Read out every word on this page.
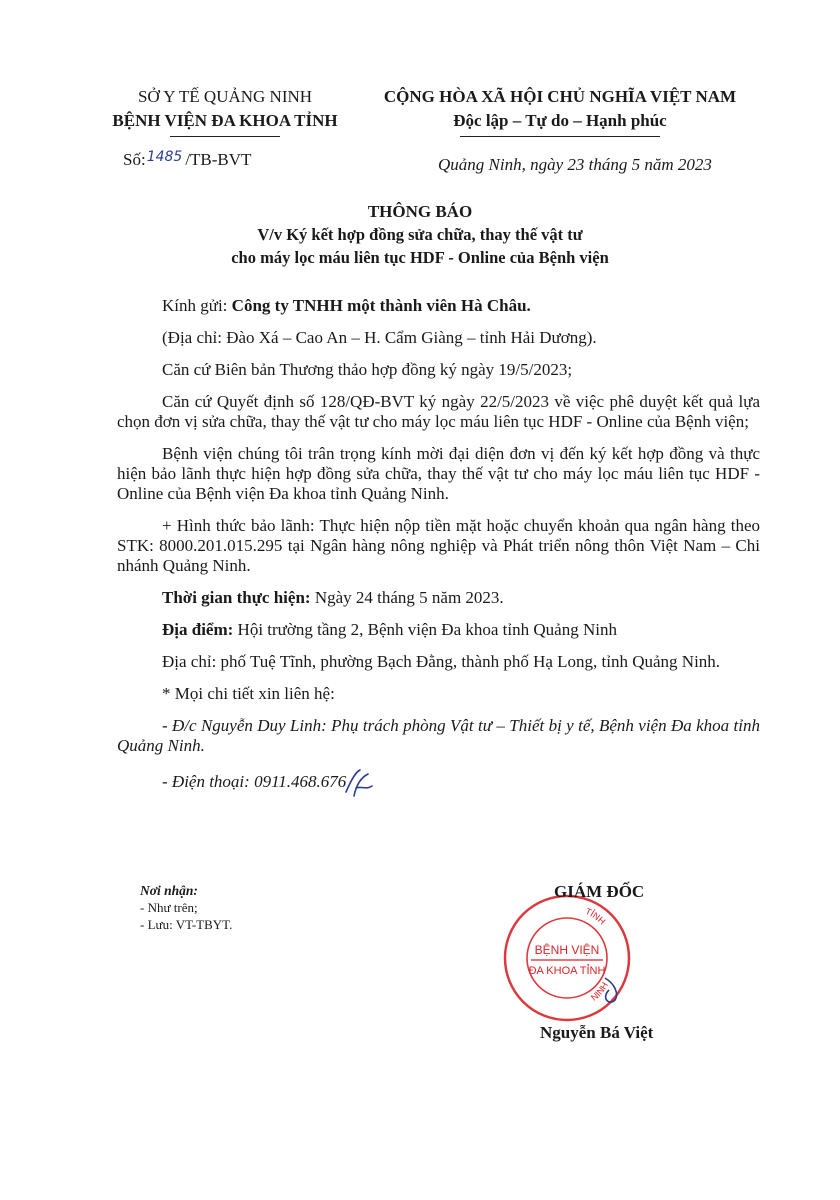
SỞ Y TẾ QUẢNG NINH
BỆNH VIỆN ĐA KHOA TỈNH
CỘNG HÒA XÃ HỘI CHỦ NGHĨA VIỆT NAM
Độc lập – Tự do – Hạnh phúc
Số:1485 /TB-BVT	Quảng Ninh, ngày 23 tháng 5 năm 2023
THÔNG BÁO
V/v Ký kết hợp đồng sửa chữa, thay thế vật tư
cho máy lọc máu liên tục HDF - Online của Bệnh viện

Kính gửi: Công ty TNHH một thành viên Hà Châu.

(Địa chỉ: Đào Xá – Cao An – H. Cẩm Giàng – tỉnh Hải Dương).

Căn cứ Biên bản Thương thảo hợp đồng ký ngày 19/5/2023;

Căn cứ Quyết định số 128/QĐ-BVT ký ngày 22/5/2023 về việc phê duyệt kết quả lựa chọn đơn vị sửa chữa, thay thế vật tư cho máy lọc máu liên tục HDF - Online của Bệnh viện;

Bệnh viện chúng tôi trân trọng kính mời đại diện đơn vị đến ký kết hợp đồng và thực hiện bảo lãnh thực hiện hợp đồng sửa chữa, thay thế vật tư cho máy lọc máu liên tục HDF - Online của Bệnh viện Đa khoa tỉnh Quảng Ninh.

+ Hình thức bảo lãnh: Thực hiện nộp tiền mặt hoặc chuyển khoản qua ngân hàng theo STK: 8000.201.015.295 tại Ngân hàng nông nghiệp và Phát triển nông thôn Việt Nam – Chi nhánh Quảng Ninh.

Thời gian thực hiện: Ngày 24 tháng 5 năm 2023.

Địa điểm: Hội trường tầng 2, Bệnh viện Đa khoa tỉnh Quảng Ninh

Địa chỉ: phố Tuệ Tĩnh, phường Bạch Đằng, thành phố Hạ Long, tỉnh Quảng Ninh.

* Mọi chi tiết xin liên hệ:

- Đ/c Nguyễn Duy Linh: Phụ trách phòng Vật tư – Thiết bị y tế, Bệnh viện Đa khoa tỉnh Quảng Ninh.

- Điện thoại: 0911.468.676

Nơi nhận:
- Như trên;
- Lưu: VT-TBYT.
TỈNH
NINH
BỆNH VIỆN
ĐA KHOA TỈNH
GIÁM ĐỐC
Nguyễn Bá Việt
